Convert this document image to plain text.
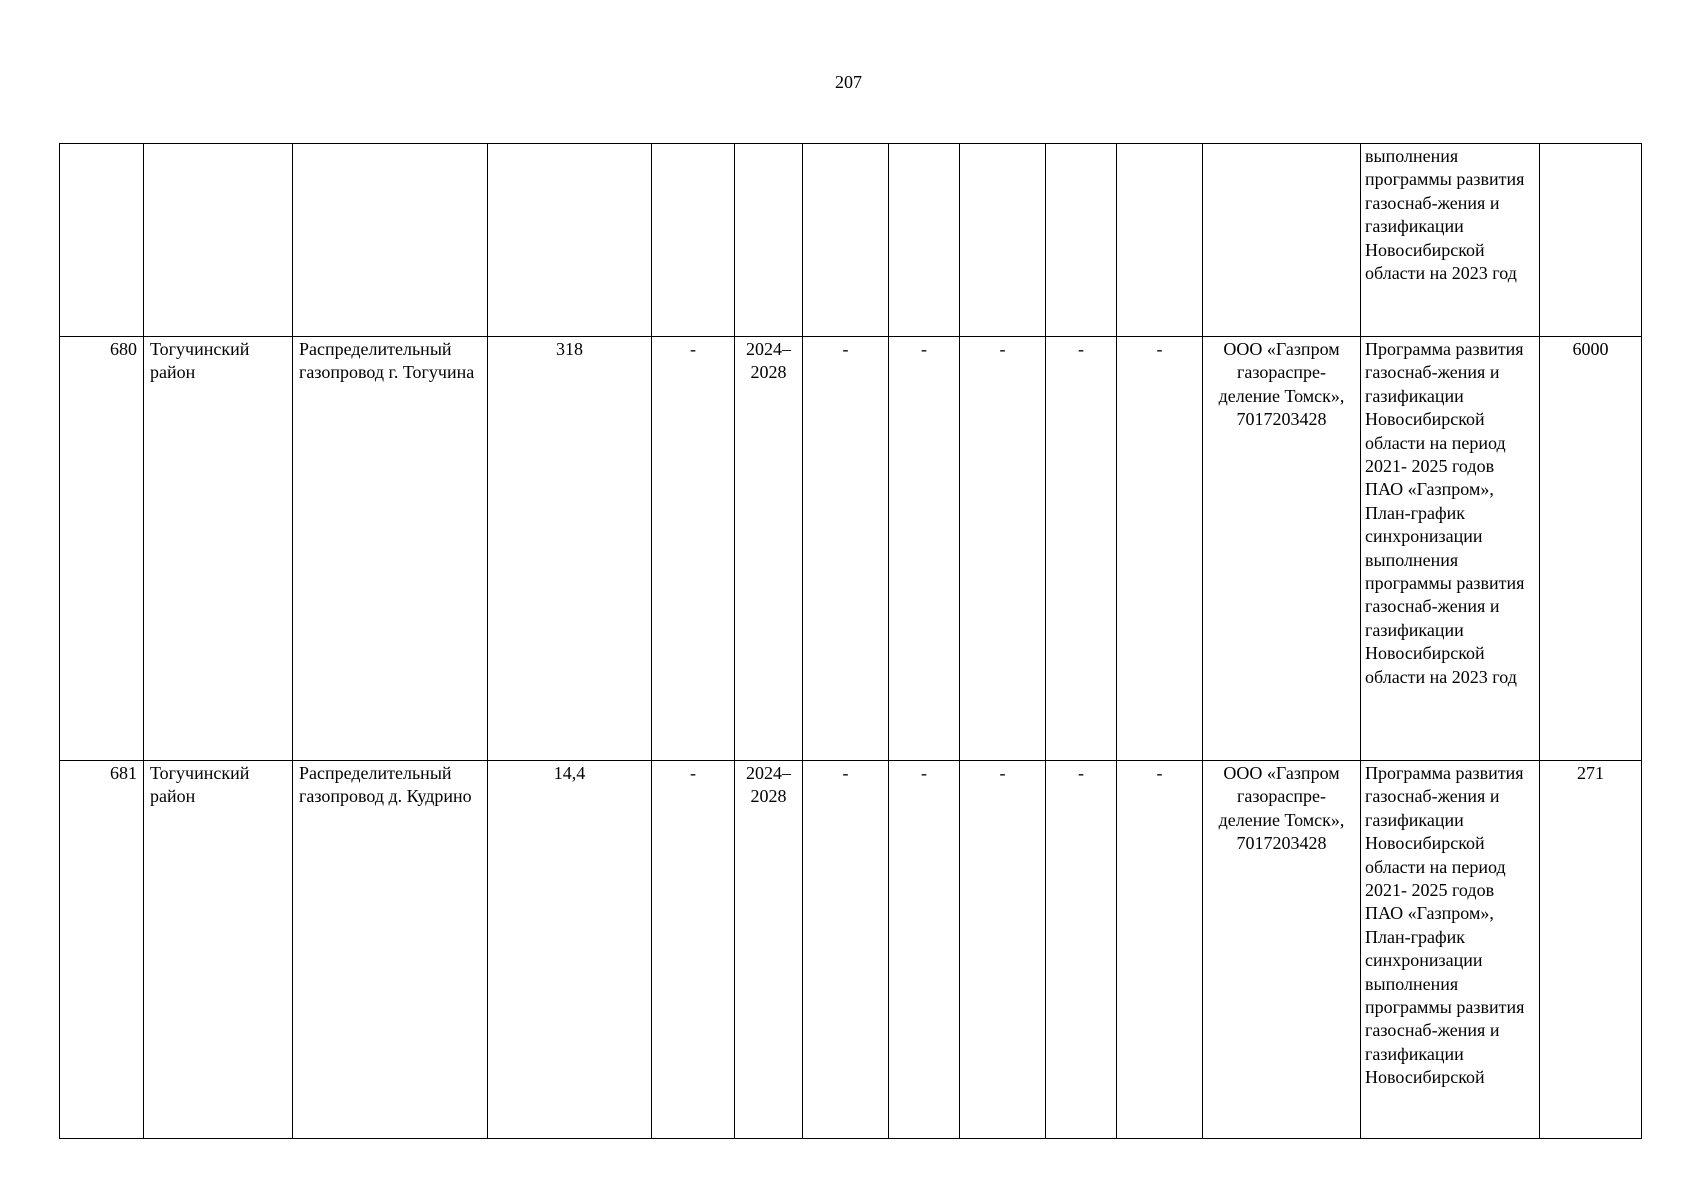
207
												выполнения программы развития газоснаб-жения и газификации Новосибирской области на 2023 год	
680	Тогучинский район	Распределительный газопровод г. Тогучина	318	-	2024–2028	-	-	-	-	-	ООО «Газпром газораспре-деление Томск», 7017203428	Программа развития газоснаб-жения и газификации Новосибирской области на период 2021- 2025 годов ПАО «Газпром», План-график синхронизации выполнения программы развития газоснаб-жения и газификации Новосибирской области на 2023 год	6000
681	Тогучинский район	Распределительный газопровод д. Кудрино	14,4	-	2024–2028	-	-	-	-	-	ООО «Газпром газораспре-деление Томск», 7017203428	Программа развития газоснаб-жения и газификации Новосибирской области на период 2021- 2025 годов ПАО «Газпром», План-график синхронизации выполнения программы развития газоснаб-жения и газификации Новосибирской	271
